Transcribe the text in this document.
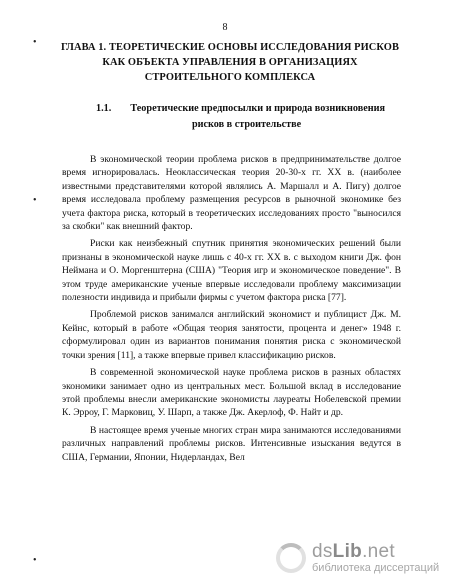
8
•
•
•
ГЛАВА 1. ТЕОРЕТИЧЕСКИЕ ОСНОВЫ ИССЛЕДОВАНИЯ РИСКОВ КАК ОБЪЕКТА УПРАВЛЕНИЯ В ОРГАНИЗАЦИЯХ СТРОИТЕЛЬНОГО КОМПЛЕКСА
1.1. Теоретические предпосылки и природа возникновения
рисков в строительстве

В экономической теории проблема рисков в предпринимательстве долгое время игнорировалась. Неоклассическая теория 20-30-х гг. XX в. (наиболее известными представителями которой являлись А. Маршалл и А. Пигу) долгое время исследовала проблему размещения ресурсов в рыночной экономике без учета фактора риска, который в теоретических исследованиях просто "выносился за скобки" как внешний фактор.

Риски как неизбежный спутник принятия экономических решений были признаны в экономической науке лишь с 40-х гг. XX в. с выходом книги Дж. фон Неймана и О. Моргенштерна (США) "Теория игр и экономическое поведение". В этом труде американские ученые впервые исследовали проблему максимизации полезности индивида и прибыли фирмы с учетом фактора риска [77].

Проблемой рисков занимался английский экономист и публицист Дж. М. Кейнс, который в работе «Общая теория занятости, процента и денег» 1948 г. сформулировал один из вариантов понимания понятия риска с экономической точки зрения [11], а также впервые привел классификацию рисков.

В современной экономической науке проблема рисков в разных областях экономики занимает одно из центральных мест. Большой вклад в исследование этой проблемы внесли американские экономисты лауреаты Нобелевской премии К. Эрроу, Г. Марковиц, У. Шарп, а также Дж. Акерлоф, Ф. Найт и др.

В настоящее время ученые многих стран мира занимаются исследованиями различных направлений проблемы рисков. Интенсивные изыскания ведутся в США, Германии, Японии, Нидерландах, Вел

dsLib.net
библиотека диссертаций
